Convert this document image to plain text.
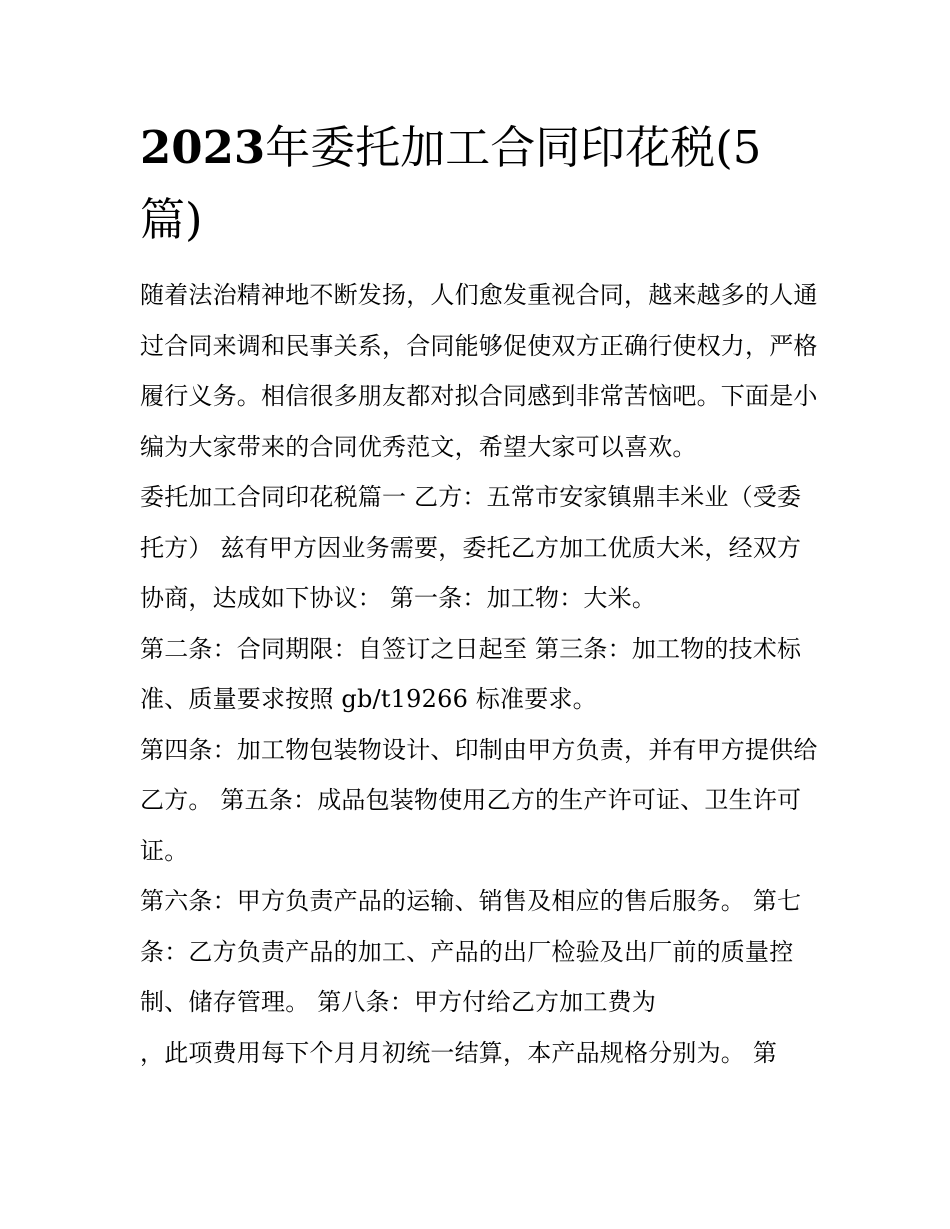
2023年委托加工合同印花税(5篇)

随着法治精神地不断发扬，人们愈发重视合同，越来越多的人通过合同来调和民事关系，合同能够促使双方正确行使权力，严格履行义务。相信很多朋友都对拟合同感到非常苦恼吧。下面是小编为大家带来的合同优秀范文，希望大家可以喜欢。

委托加工合同印花税篇一 乙方：五常市安家镇鼎丰米业（受委托方） 兹有甲方因业务需要，委托乙方加工优质大米，经双方协商，达成如下协议： 第一条：加工物：大米。

第二条：合同期限：自签订之日起至 第三条：加工物的技术标准、质量要求按照 gb/t19266 标准要求。

第四条：加工物包装物设计、印制由甲方负责，并有甲方提供给乙方。 第五条：成品包装物使用乙方的生产许可证、卫生许可证。

第六条：甲方负责产品的运输、销售及相应的售后服务。 第七条：乙方负责产品的加工、产品的出厂检验及出厂前的质量控制、储存管理。 第八条：甲方付给乙方加工费为

，此项费用每下个月月初统一结算，本产品规格分别为。 第
